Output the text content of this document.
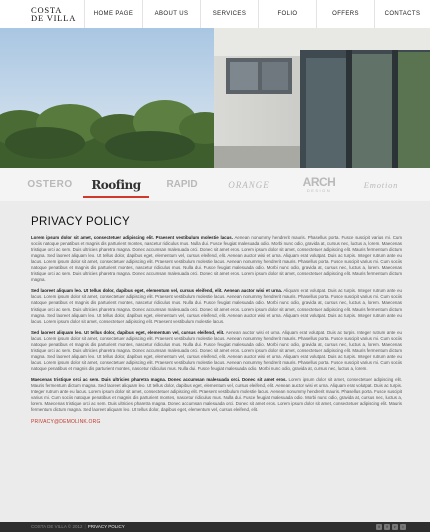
COSTA
DE VILLA	HOME PAGE	ABOUT US	SERVICES	FOLIO	OFFERS	CONTACTS
OSTERO	Roofing	RAPID	ORANGE	ARCH
DESIGN
Emotion
PRIVACY POLICY

Lorem ipsum dolor sit amet, consectetuer adipiscing elit. Praesent vestibulum molestie lacus. Aenean nonummy hendrerit mauris. Phasellus porta. Fusce suscipit varius mi. Cum sociis natoque penatibus et magnis dis parturient montes, nascetur ridiculus mus. Nulla dui. Fusce feugiat malesuada odio. Morbi nunc odio, gravida at, cursus nec, luctus a, lorem. Maecenas tristique orci ac sem. Duis ultricies pharetra magna. Donec accumsan malesuada orci. Donec sit amet eros. Lorem ipsum dolor sit amet, consectetuer adipiscing elit. Mauris fermentum dictum magna. Sed laoreet aliquam leo. Ut tellus dolor, dapibus eget, elementum vel, cursus eleifend, elit. Aenean auctor wisi et urna. Aliquam erat volutpat. Duis ac turpis. Integer rutrum ante eu lacus. Lorem ipsum dolor sit amet, consectetuer adipiscing elit. Praesent vestibulum molestie lacus. Aenean nonummy hendrerit mauris. Phasellus porta. Fusce suscipit varius mi. Cum sociis natoque penatibus et magnis dis parturient montes, nascetur ridiculus mus. Nulla dui. Fusce feugiat malesuada odio. Morbi nunc odio, gravida at, cursus nec, luctus a, lorem. Maecenas tristique orci ac sem. Duis ultricies pharetra magna. Donec accumsan malesuada orci. Donec sit amet eros. Lorem ipsum dolor sit amet, consectetuer adipiscing elit. Mauris fermentum dictum magna.

Sed laoreet aliquam leo. Ut tellus dolor, dapibus eget, elementum vel, cursus eleifend, elit. Aenean auctor wisi et urna. Aliquam erat volutpat. Duis ac turpis. Integer rutrum ante eu lacus. Lorem ipsum dolor sit amet, consectetuer adipiscing elit. Praesent vestibulum molestie lacus. Aenean nonummy hendrerit mauris. Phasellus porta. Fusce suscipit varius mi. Cum sociis natoque penatibus et magnis dis parturient montes, nascetur ridiculus mus. Nulla dui. Fusce feugiat malesuada odio. Morbi nunc odio, gravida at, cursus nec, luctus a, lorem. Maecenas tristique orci ac sem. Duis ultricies pharetra magna. Donec accumsan malesuada orci. Donec sit amet eros. Lorem ipsum dolor sit amet, consectetuer adipiscing elit. Mauris fermentum dictum magna. Sed laoreet aliquam leo. Ut tellus dolor, dapibus eget, elementum vel, cursus eleifend, elit. Aenean auctor wisi et urna. Aliquam erat volutpat. Duis ac turpis. Integer rutrum ante eu lacus. Lorem ipsum dolor sit amet, consectetuer adipiscing elit. Praesent vestibulum molestie lacus.

Sed laoreet aliquam leo. Ut tellus dolor, dapibus eget, elementum vel, cursus eleifend, elit. Aenean auctor wisi et urna. Aliquam erat volutpat. Duis ac turpis. Integer rutrum ante eu lacus. Lorem ipsum dolor sit amet, consectetuer adipiscing elit. Praesent vestibulum molestie lacus. Aenean nonummy hendrerit mauris. Phasellus porta. Fusce suscipit varius mi. Cum sociis natoque penatibus et magnis dis parturient montes, nascetur ridiculus mus. Nulla dui. Fusce feugiat malesuada odio. Morbi nunc odio, gravida at, cursus nec, luctus a, lorem. Maecenas tristique orci ac sem. Duis ultricies pharetra magna. Donec accumsan malesuada orci. Donec sit amet eros. Lorem ipsum dolor sit amet, consectetuer adipiscing elit. Mauris fermentum dictum magna. Sed laoreet aliquam leo. Ut tellus dolor, dapibus eget, elementum vel, cursus eleifend, elit. Aenean auctor wisi et urna. Aliquam erat volutpat. Duis ac turpis. Integer rutrum ante eu lacus. Lorem ipsum dolor sit amet, consectetuer adipiscing elit. Praesent vestibulum molestie lacus. Aenean nonummy hendrerit mauris. Phasellus porta. Fusce suscipit varius mi. Cum sociis natoque penatibus et magnis dis parturient montes, nascetur ridiculus mus. Nulla dui. Fusce feugiat malesuada odio. Morbi nunc odio, gravida at, cursus nec, luctus a, lorem.

Maecenas tristique orci ac sem. Duis ultricies pharetra magna. Donec accumsan malesuada orci. Donec sit amet eros. Lorem ipsum dolor sit amet, consectetuer adipiscing elit. Mauris fermentum dictum magna. Sed laoreet aliquam leo. Ut tellus dolor, dapibus eget, elementum vel, cursus eleifend, elit. Aenean auctor wisi et urna. Aliquam erat volutpat. Duis ac turpis. Integer rutrum ante eu lacus. Lorem ipsum dolor sit amet, consectetuer adipiscing elit. Praesent vestibulum molestie lacus. Aenean nonummy hendrerit mauris. Phasellus porta. Fusce suscipit varius mi. Cum sociis natoque penatibus et magnis dis parturient montes, nascetur ridiculus mus. Nulla dui. Fusce feugiat malesuada odio. Morbi nunc odio, gravida at, cursus nec, luctus a, lorem. Maecenas tristique orci ac sem. Duis ultricies pharetra magna. Donec accumsan malesuada orci. Donec sit amet eros. Lorem ipsum dolor sit amet, consectetuer adipiscing elit. Mauris fermentum dictum magna. Sed laoreet aliquam leo. Ut tellus dolor, dapibus eget, elementum vel, cursus eleifend, elit.

PRIVACY@DEMOLINK.ORG
COSTA DE VILLA © 2012 | PRIVACY POLICY	t	f	r	•
